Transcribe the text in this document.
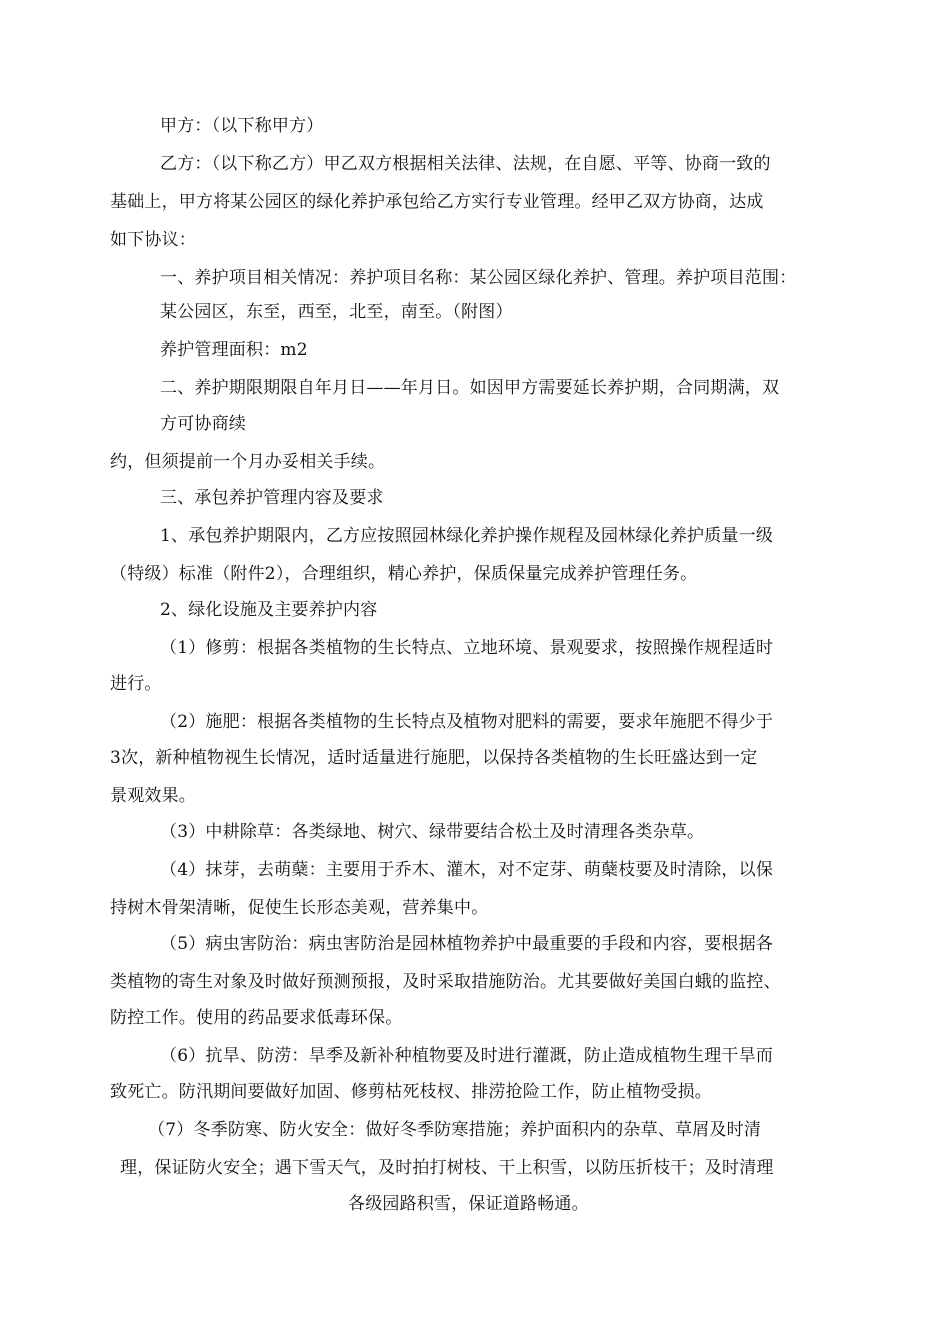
甲方：（以下称甲方）
乙方：（以下称乙方）甲乙双方根据相关法律、法规，在自愿、平等、协商一致的
基础上，甲方将某公园区的绿化养护承包给乙方实行专业管理。经甲乙双方协商，达成
如下协议：
一、养护项目相关情况：养护项目名称：某公园区绿化养护、管理。养护项目范围：
某公园区，东至，西至，北至，南至。（附图）
养护管理面积：m2
二、养护期限期限自年月日——年月日。如因甲方需要延长养护期，合同期满，双
方可协商续
约，但须提前一个月办妥相关手续。
三、承包养护管理内容及要求
1、承包养护期限内，乙方应按照园林绿化养护操作规程及园林绿化养护质量一级
（特级）标准（附件2），合理组织，精心养护，保质保量完成养护管理任务。
2、绿化设施及主要养护内容
（1）修剪：根据各类植物的生长特点、立地环境、景观要求，按照操作规程适时
进行。
（2）施肥：根据各类植物的生长特点及植物对肥料的需要，要求年施肥不得少于
3次，新种植物视生长情况，适时适量进行施肥，以保持各类植物的生长旺盛达到一定
景观效果。
（3）中耕除草：各类绿地、树穴、绿带要结合松土及时清理各类杂草。
（4）抹芽，去萌蘖：主要用于乔木、灌木，对不定芽、萌蘖枝要及时清除，以保
持树木骨架清晰，促使生长形态美观，营养集中。
（5）病虫害防治：病虫害防治是园林植物养护中最重要的手段和内容，要根据各
类植物的寄生对象及时做好预测预报，及时采取措施防治。尤其要做好美国白蛾的监控、
防控工作。使用的药品要求低毒环保。
（6）抗旱、防涝：旱季及新补种植物要及时进行灌溉，防止造成植物生理干旱而
致死亡。防汛期间要做好加固、修剪枯死枝杈、排涝抢险工作，防止植物受损。
（7）冬季防寒、防火安全：做好冬季防寒措施；养护面积内的杂草、草屑及时清
理，保证防火安全；遇下雪天气，及时拍打树枝、干上积雪，以防压折枝干；及时清理
各级园路积雪，保证道路畅通。
